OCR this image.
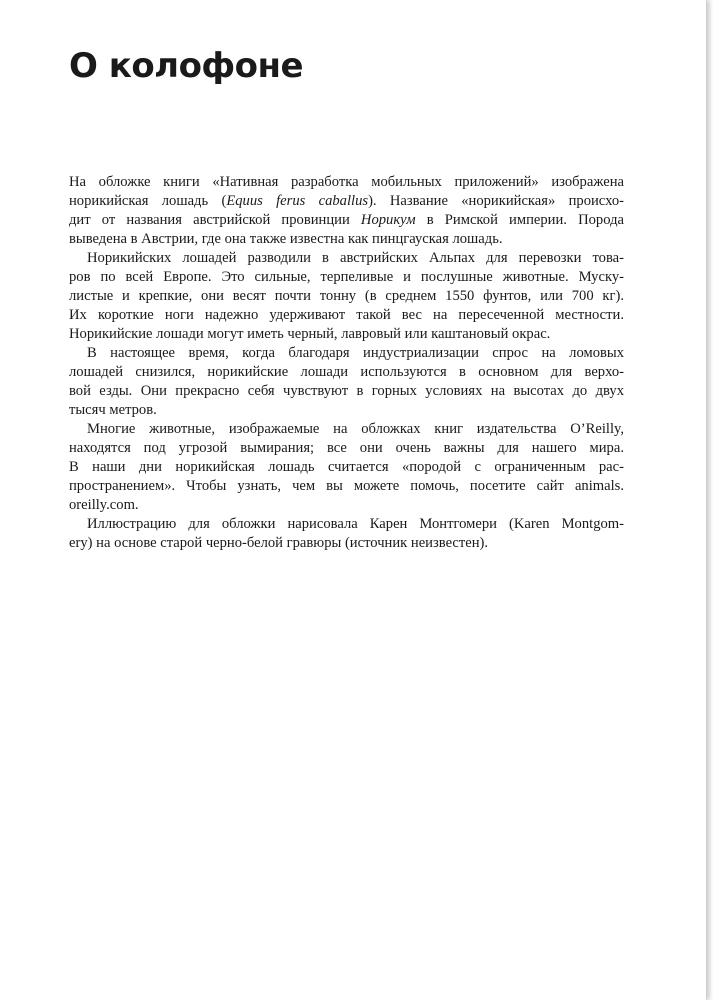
О колофоне
На обложке книги «Нативная разработка мобильных приложений» изображена
норикийская лошадь (Equus ferus caballus). Название «норикийская» происхо-
дит от названия австрийской провинции Норикум в Римской империи. Порода
выведена в Австрии, где она также известна как пинцгауская лошадь.
Норикийских лошадей разводили в австрийских Альпах для перевозки това-
ров по всей Европе. Это сильные, терпеливые и послушные животные. Муску-
листые и крепкие, они весят почти тонну (в среднем 1550 фунтов, или 700 кг).
Их короткие ноги надежно удерживают такой вес на пересеченной местности.
Норикийские лошади могут иметь черный, лавровый или каштановый окрас.
В настоящее время, когда благодаря индустриализации спрос на ломовых
лошадей снизился, норикийские лошади используются в основном для верхо-
вой езды. Они прекрасно себя чувствуют в горных условиях на высотах до двух
тысяч метров.
Многие животные, изображаемые на обложках книг издательства O’Reilly,
находятся под угрозой вымирания; все они очень важны для нашего мира.
В наши дни норикийская лошадь считается «породой с ограниченным рас-
пространением». Чтобы узнать, чем вы можете помочь, посетите сайт animals.
oreilly.com.
Иллюстрацию для обложки нарисовала Карен Монтгомери (Karen Montgom-
ery) на основе старой черно-белой гравюры (источник неизвестен).
